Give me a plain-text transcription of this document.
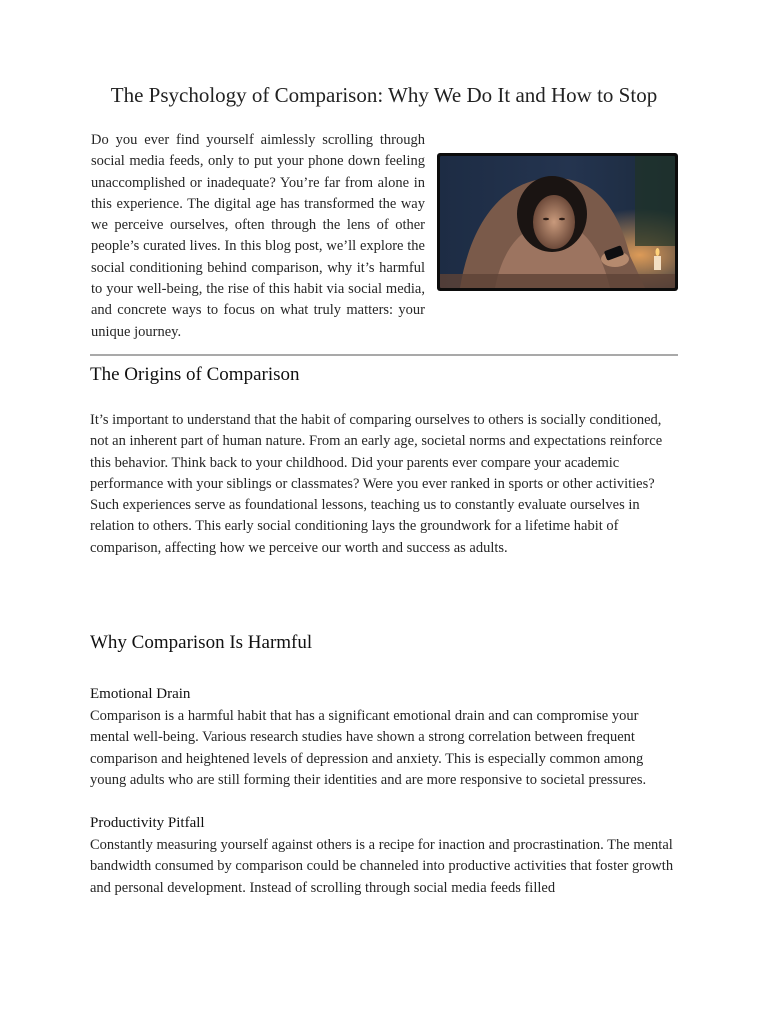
The Psychology of Comparison: Why We Do It and How to Stop

Do you ever find yourself aimlessly scrolling through social media feeds, only to put your phone down feeling unaccomplished or inadequate? You’re far from alone in this experience. The digital age has transformed the way we perceive ourselves, often through the lens of other people’s curated lives. In this blog post, we’ll explore the social conditioning behind comparison, why it’s harmful to your well-being, the rise of this habit via social media, and concrete ways to focus on what truly matters: your unique journey.

The Origins of Comparison

It’s important to understand that the habit of comparing ourselves to others is socially conditioned, not an inherent part of human nature. From an early age, societal norms and expectations reinforce this behavior. Think back to your childhood. Did your parents ever compare your academic performance with your siblings or classmates? Were you ever ranked in sports or other activities? Such experiences serve as foundational lessons, teaching us to constantly evaluate ourselves in relation to others. This early social conditioning lays the groundwork for a lifetime habit of comparison, affecting how we perceive our worth and success as adults.

Why Comparison Is Harmful
Emotional Drain

Comparison is a harmful habit that has a significant emotional drain and can compromise your mental well-being. Various research studies have shown a strong correlation between frequent comparison and heightened levels of depression and anxiety. This is especially common among young adults who are still forming their identities and are more responsive to societal pressures.

Productivity Pitfall

Constantly measuring yourself against others is a recipe for inaction and procrastination. The mental bandwidth consumed by comparison could be channeled into productive activities that foster growth and personal development. Instead of scrolling through social media feeds filled
